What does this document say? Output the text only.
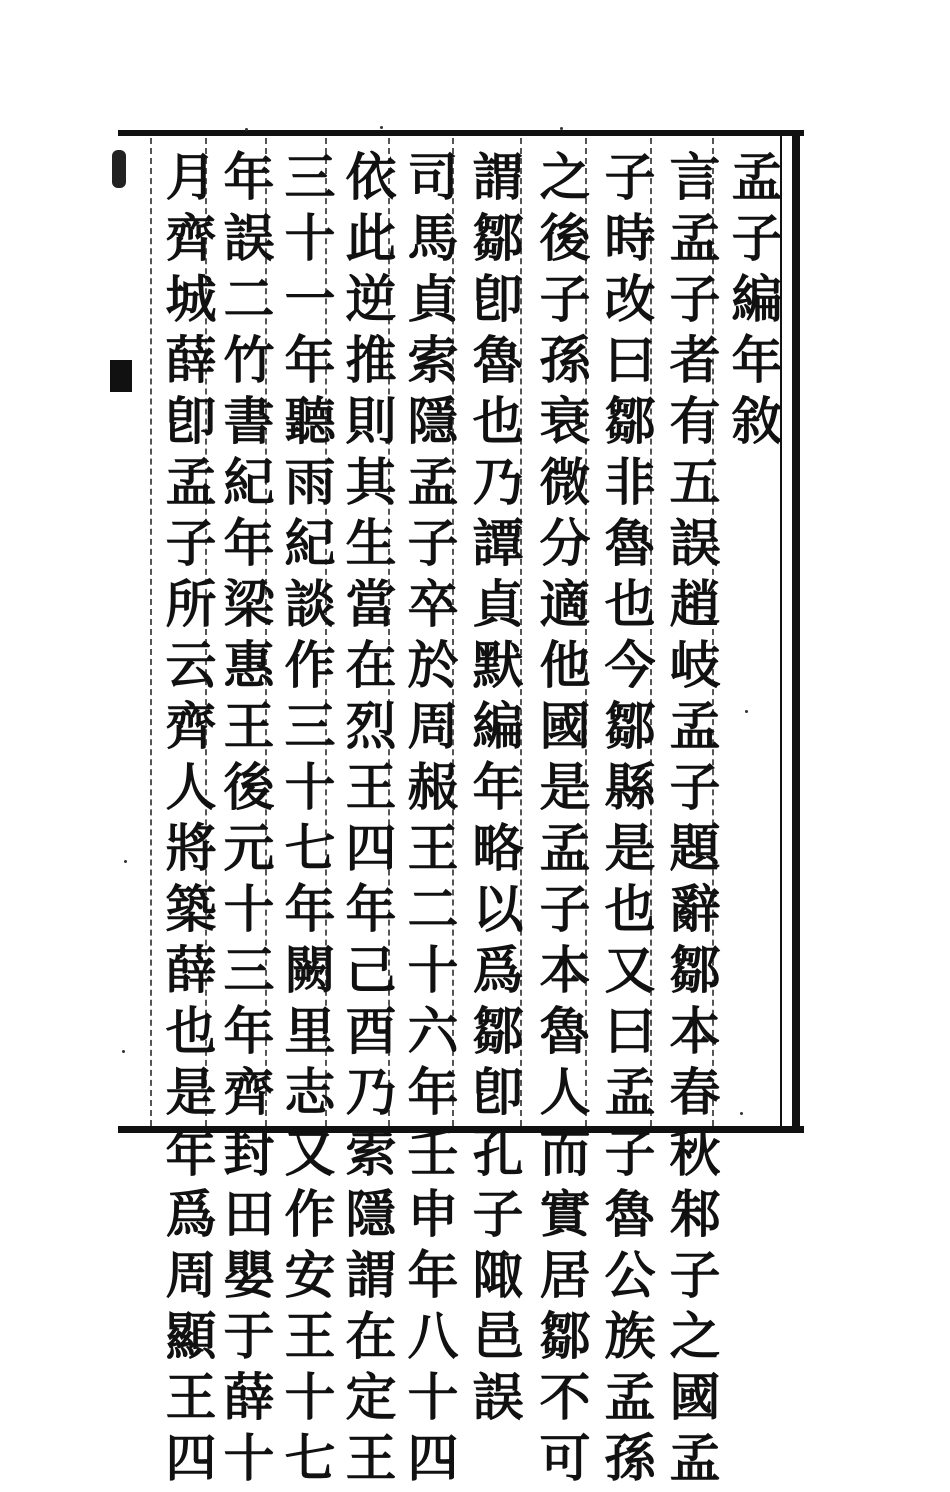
孟子編年敘
言孟子者有五誤趙岐孟子題辭鄒本春秋邾子之國孟
子時改曰鄒非魯也今鄒縣是也又曰孟子魯公族孟孫
之後子孫衰微分適他國是孟子本魯人而實居鄒不可
謂鄒卽魯也乃譚貞默編年略以爲鄒卽孔子陬邑誤
司馬貞索隱孟子卒於周赧王二十六年壬申年八十四
依此逆推則其生當在烈王四年己酉乃索隱謂在定王
三十一年聽雨紀談作三十七年闕里志又作安王十七
年誤二竹書紀年梁惠王後元十三年齊封田嬰于薛十
月齊城薛卽孟子所云齊人將築薛也是年爲周顯王四
